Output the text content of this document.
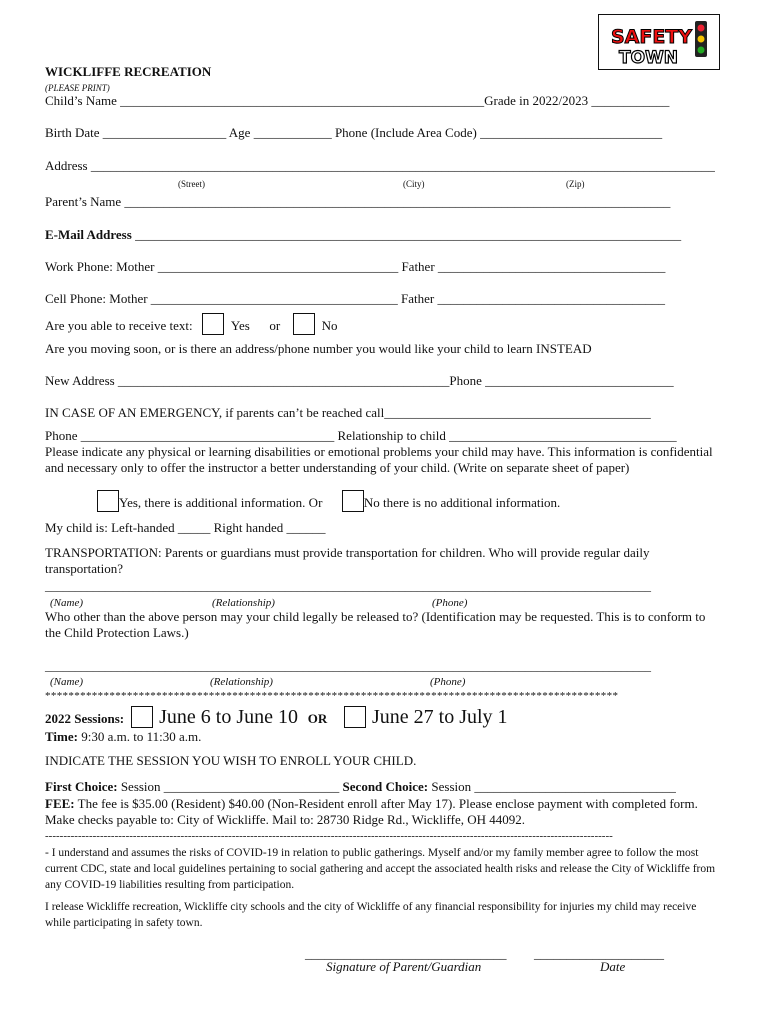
SAFETY
TOWN
WICKLIFFE RECREATION
(PLEASE PRINT)
Child’s Name ________________________________________________________Grade in 2022/2023 ____________
Birth Date ___________________ Age ____________ Phone (Include Area Code) ____________________________
Address ________________________________________________________________________________________________
(Street)	(City)	(Zip)
Parent’s Name ____________________________________________________________________________________
E-Mail Address ____________________________________________________________________________________
Work Phone: Mother _____________________________________ Father ___________________________________
Cell Phone: Mother ______________________________________ Father ___________________________________
Are you able to receive text:	Yes or	No
Are you moving soon, or is there an address/phone number you would like your child to learn INSTEAD
New Address ___________________________________________________Phone _____________________________
IN CASE OF AN EMERGENCY, if parents can’t be reached call_________________________________________
Phone _______________________________________ Relationship to child ___________________________________
Please indicate any physical or learning disabilities or emotional problems your child may have. This information is confidential and necessary only to offer the instructor a better understanding of your child. (Write on separate sheet of paper)
Yes, there is additional information. Or	No there is no additional information.
My child is: Left-handed _____ Right handed ______
TRANSPORTATION: Parents or guardians must provide transportation for children. Who will provide regular daily transportation?
_____________________________________________________________________________________________________
(Name)	(Relationship)	(Phone)
Who other than the above person may your child legally be released to? (Identification may be requested. This is to conform to the Child Protection Laws.)
_____________________________________________________________________________________________________
(Name)	(Relationship)	(Phone)
**************************************************************************************************
2022 Sessions: June 6 to June 10 OR June 27 to July 1
Time: 9:30 a.m. to 11:30 a.m.
INDICATE THE SESSION YOU WISH TO ENROLL YOUR CHILD.
First Choice: Session ___________________________ Second Choice: Session _______________________________
FEE: The fee is $35.00 (Resident) $40.00 (Non-Resident enroll after May 17). Please enclose payment with completed form. Make checks payable to: City of Wickliffe. Mail to: 28730 Ridge Rd., Wickliffe, OH 44092.
-----------------------------------------------------------------------------------------------------------------------------------------------------------
- I understand and assumes the risks of COVID-19 in relation to public gatherings. Myself and/or my family member agree to follow the most current CDC, state and local guidelines pertaining to social gathering and accept the associated health risks and release the City of Wickliffe from any COVID-19 liabilities resulting from participation.
I release Wickliffe recreation, Wickliffe city schools and the city of Wickliffe of any financial responsibility for injuries my child may receive while participating in safety town.
_______________________________ ____________________
Signature of Parent/Guardian	Date
